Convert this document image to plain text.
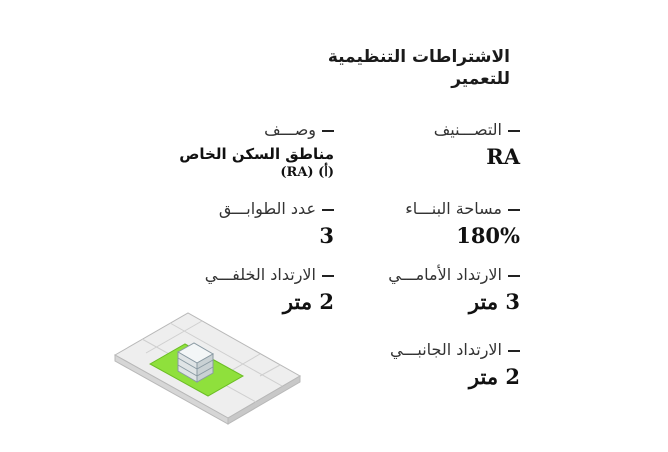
الاشتراطات التنظيمية
للتعمير
التصـــنيف
RA
وصـــف
مناطق السكن الخاص
(أ) (RA)
مساحة البنـــاء
180%
عدد الطوابـــق
3
الارتداد الأمامـــي
3 متر
الارتداد الخلفـــي
2 متر
الارتداد الجانبـــي
2 متر
